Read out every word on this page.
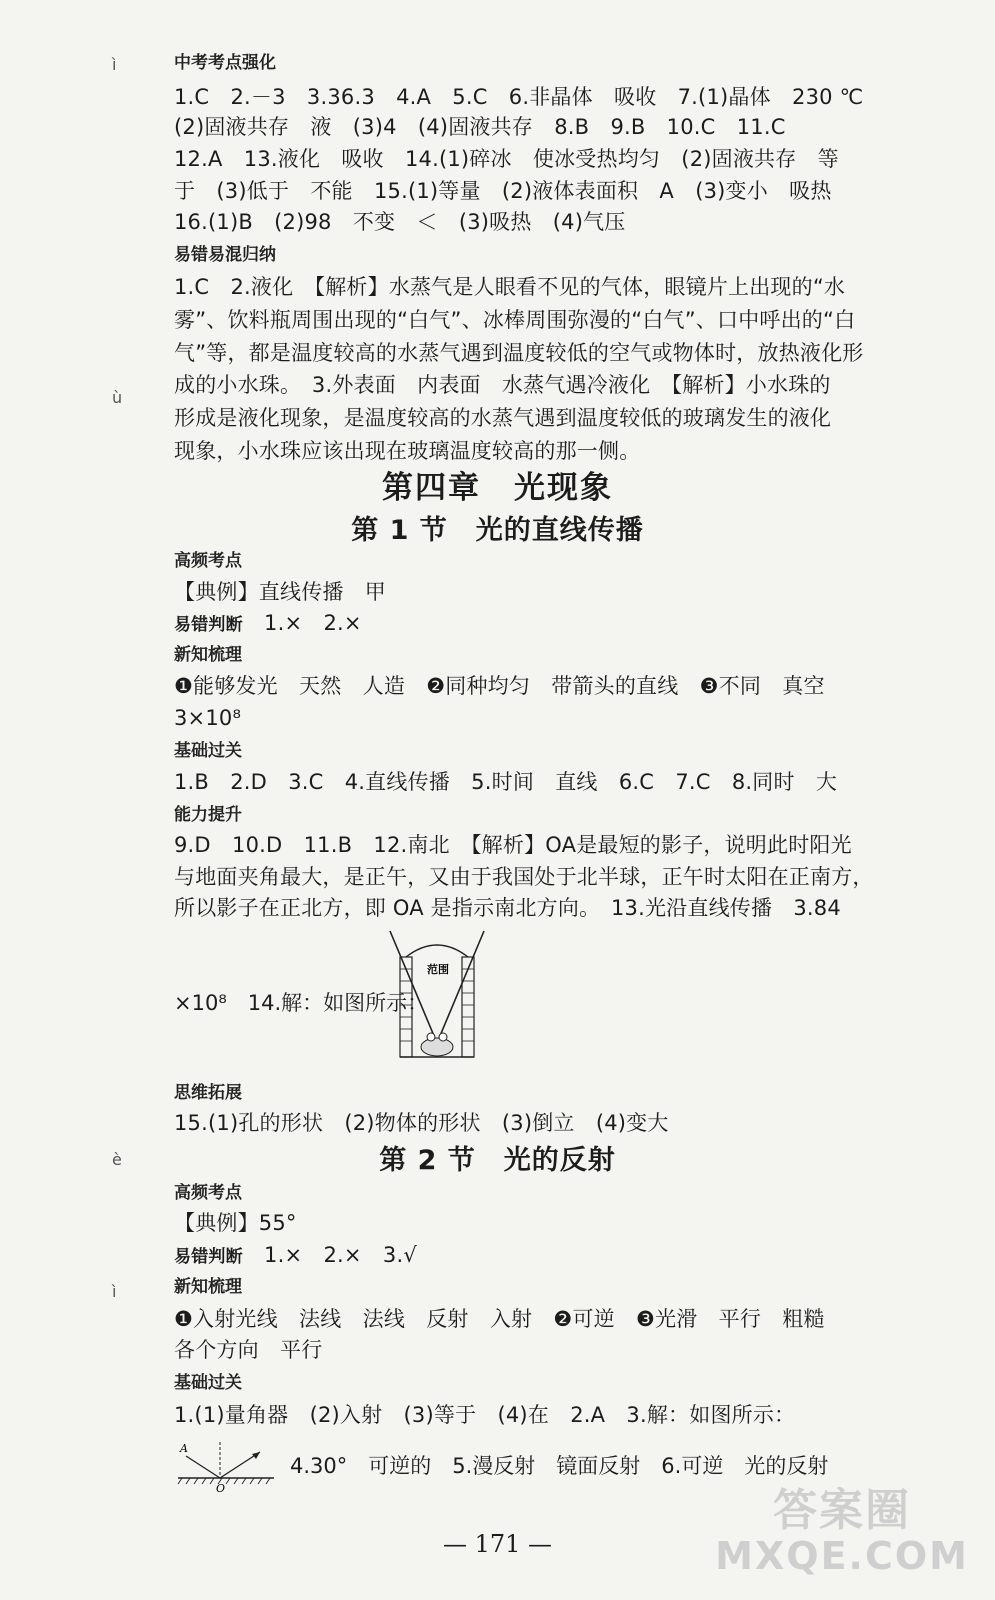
ì
ù
è
ì
中考考点强化
1.C　2.－3　3.36.3　4.A　5.C　6.非晶体　吸收　7.(1)晶体　230 ℃
(2)固液共存　液　(3)4　(4)固液共存　8.B　9.B　10.C　11.C
12.A　13.液化　吸收　14.(1)碎冰　使冰受热均匀　(2)固液共存　等
于　(3)低于　不能　15.(1)等量　(2)液体表面积　A　(3)变小　吸热
16.(1)B　(2)98　不变　＜　(3)吸热　(4)气压
易错易混归纳
1.C　2.液化　【解析】水蒸气是人眼看不见的气体，眼镜片上出现的“水
雾”、饮料瓶周围出现的“白气”、冰棒周围弥漫的“白气”、口中呼出的“白
气”等，都是温度较高的水蒸气遇到温度较低的空气或物体时，放热液化形
成的小水珠。　3.外表面　内表面　水蒸气遇冷液化　【解析】小水珠的
形成是液化现象，是温度较高的水蒸气遇到温度较低的玻璃发生的液化
现象，小水珠应该出现在玻璃温度较高的那一侧。
第四章　光现象
第 1 节　光的直线传播
高频考点
【典例】直线传播　甲
易错判断　 1.×　2.×
新知梳理
❶能够发光　天然　人造　❷同种均匀　带箭头的直线　❸不同　真空
3×10⁸
基础过关
1.B　2.D　3.C　4.直线传播　5.时间　直线　6.C　7.C　8.同时　大
能力提升
9.D　10.D　11.B　12.南北　【解析】OA是最短的影子，说明此时阳光
与地面夹角最大，是正午，又由于我国处于北半球，正午时太阳在正南方，
所以影子在正北方，即 OA 是指示南北方向。　13.光沿直线传播　3.84
×10⁸　14.解：如图所示：
范围
思维拓展
15.(1)孔的形状　(2)物体的形状　(3)倒立　(4)变大
第 2 节　光的反射
高频考点
【典例】55°
易错判断　 1.×　2.×　3.√
新知梳理
❶入射光线　法线　法线　反射　入射　❷可逆　❸光滑　平行　粗糙
各个方向　平行
基础过关
1.(1)量角器　(2)入射　(3)等于　(4)在　2.A　3.解：如图所示：
A
O
4.30°　可逆的　5.漫反射　镜面反射　6.可逆　光的反射
— 171 —
答案圈
MXQE.COM
